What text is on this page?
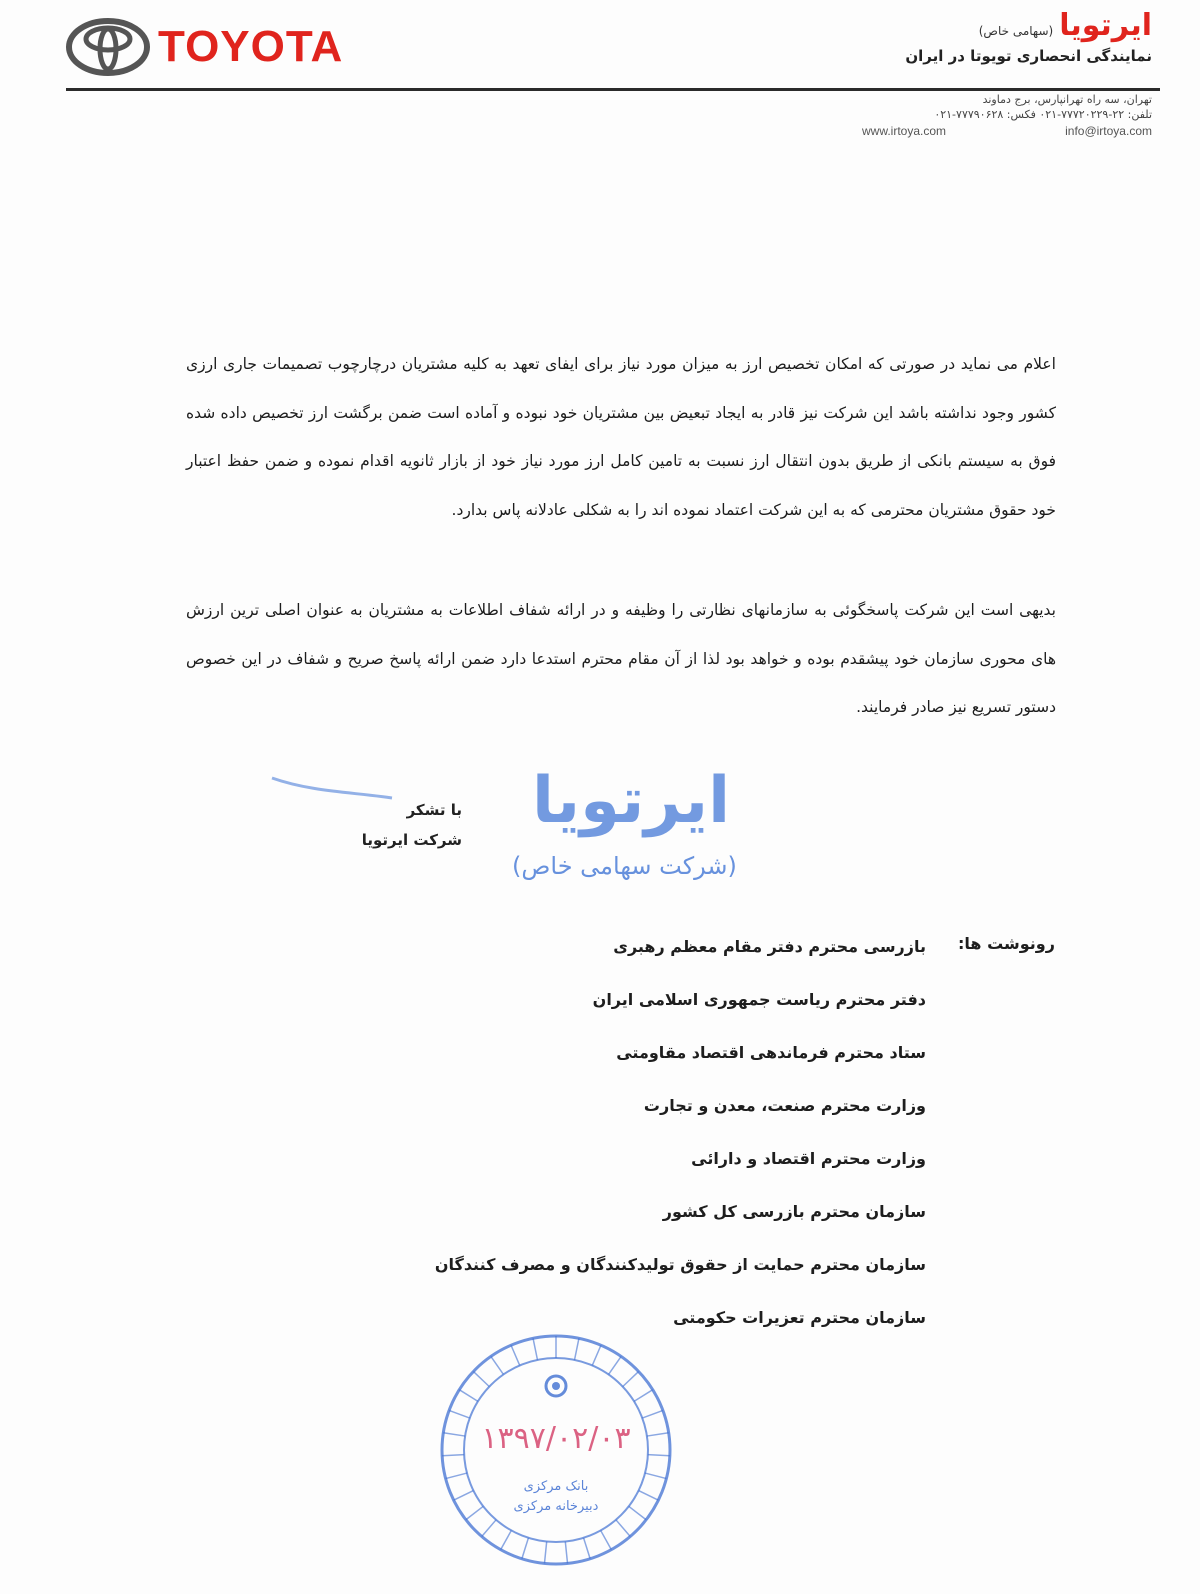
TOYOTA	ایرتویا
(سهامی خاص)
نمایندگی انحصاری تویوتا در ایران
تهران، سه راه تهرانپارس، برج دماوند
تلفن: ۲۲-۷۷۷۲۰۲۲۹-۰۲۱ فکس: ۷۷۷۹۰۶۲۸-۰۲۱
www.irtoya.com	info@irtoya.com
اعلام می نماید در صورتی که امکان تخصیص ارز به میزان مورد نیاز برای ایفای تعهد به کلیه مشتریان درچارچوب تصمیمات جاری ارزی کشور وجود نداشته باشد این شرکت نیز قادر به ایجاد تبعیض بین مشتریان خود نبوده و آماده است ضمن برگشت ارز تخصیص داده شده فوق به سیستم بانکی از طریق بدون انتقال ارز نسبت به تامین کامل ارز مورد نیاز خود از بازار ثانویه اقدام نموده و ضمن حفظ اعتبار خود حقوق مشتریان محترمی که به این شرکت اعتماد نموده اند را به شکلی عادلانه پاس بدارد.
بدیهی است این شرکت پاسخگوئی به سازمانهای نظارتی را وظیفه و در ارائه شفاف اطلاعات به مشتریان به عنوان اصلی ترین ارزش های محوری سازمان خود پیشقدم بوده و خواهد بود لذا از آن مقام محترم استدعا دارد ضمن ارائه پاسخ صریح و شفاف در این خصوص دستور تسریع نیز صادر فرمایند.
ایرتویا
(شرکت سهامی خاص)
با تشکر
شرکت ایرتویا
رونوشت ها:
بازرسی محترم دفتر مقام معظم رهبری
دفتر محترم ریاست جمهوری اسلامی ایران
ستاد محترم فرماندهی اقتصاد مقاومتی
وزارت محترم صنعت، معدن و تجارت
وزارت محترم اقتصاد و دارائی
سازمان محترم بازرسی کل کشور
سازمان محترم حمایت از حقوق تولیدکنندگان و مصرف کنندگان
سازمان محترم تعزیرات حکومتی
۱۳۹۷/۰۲/۰۳
بانک مرکزی
دبیرخانه مرکزی
